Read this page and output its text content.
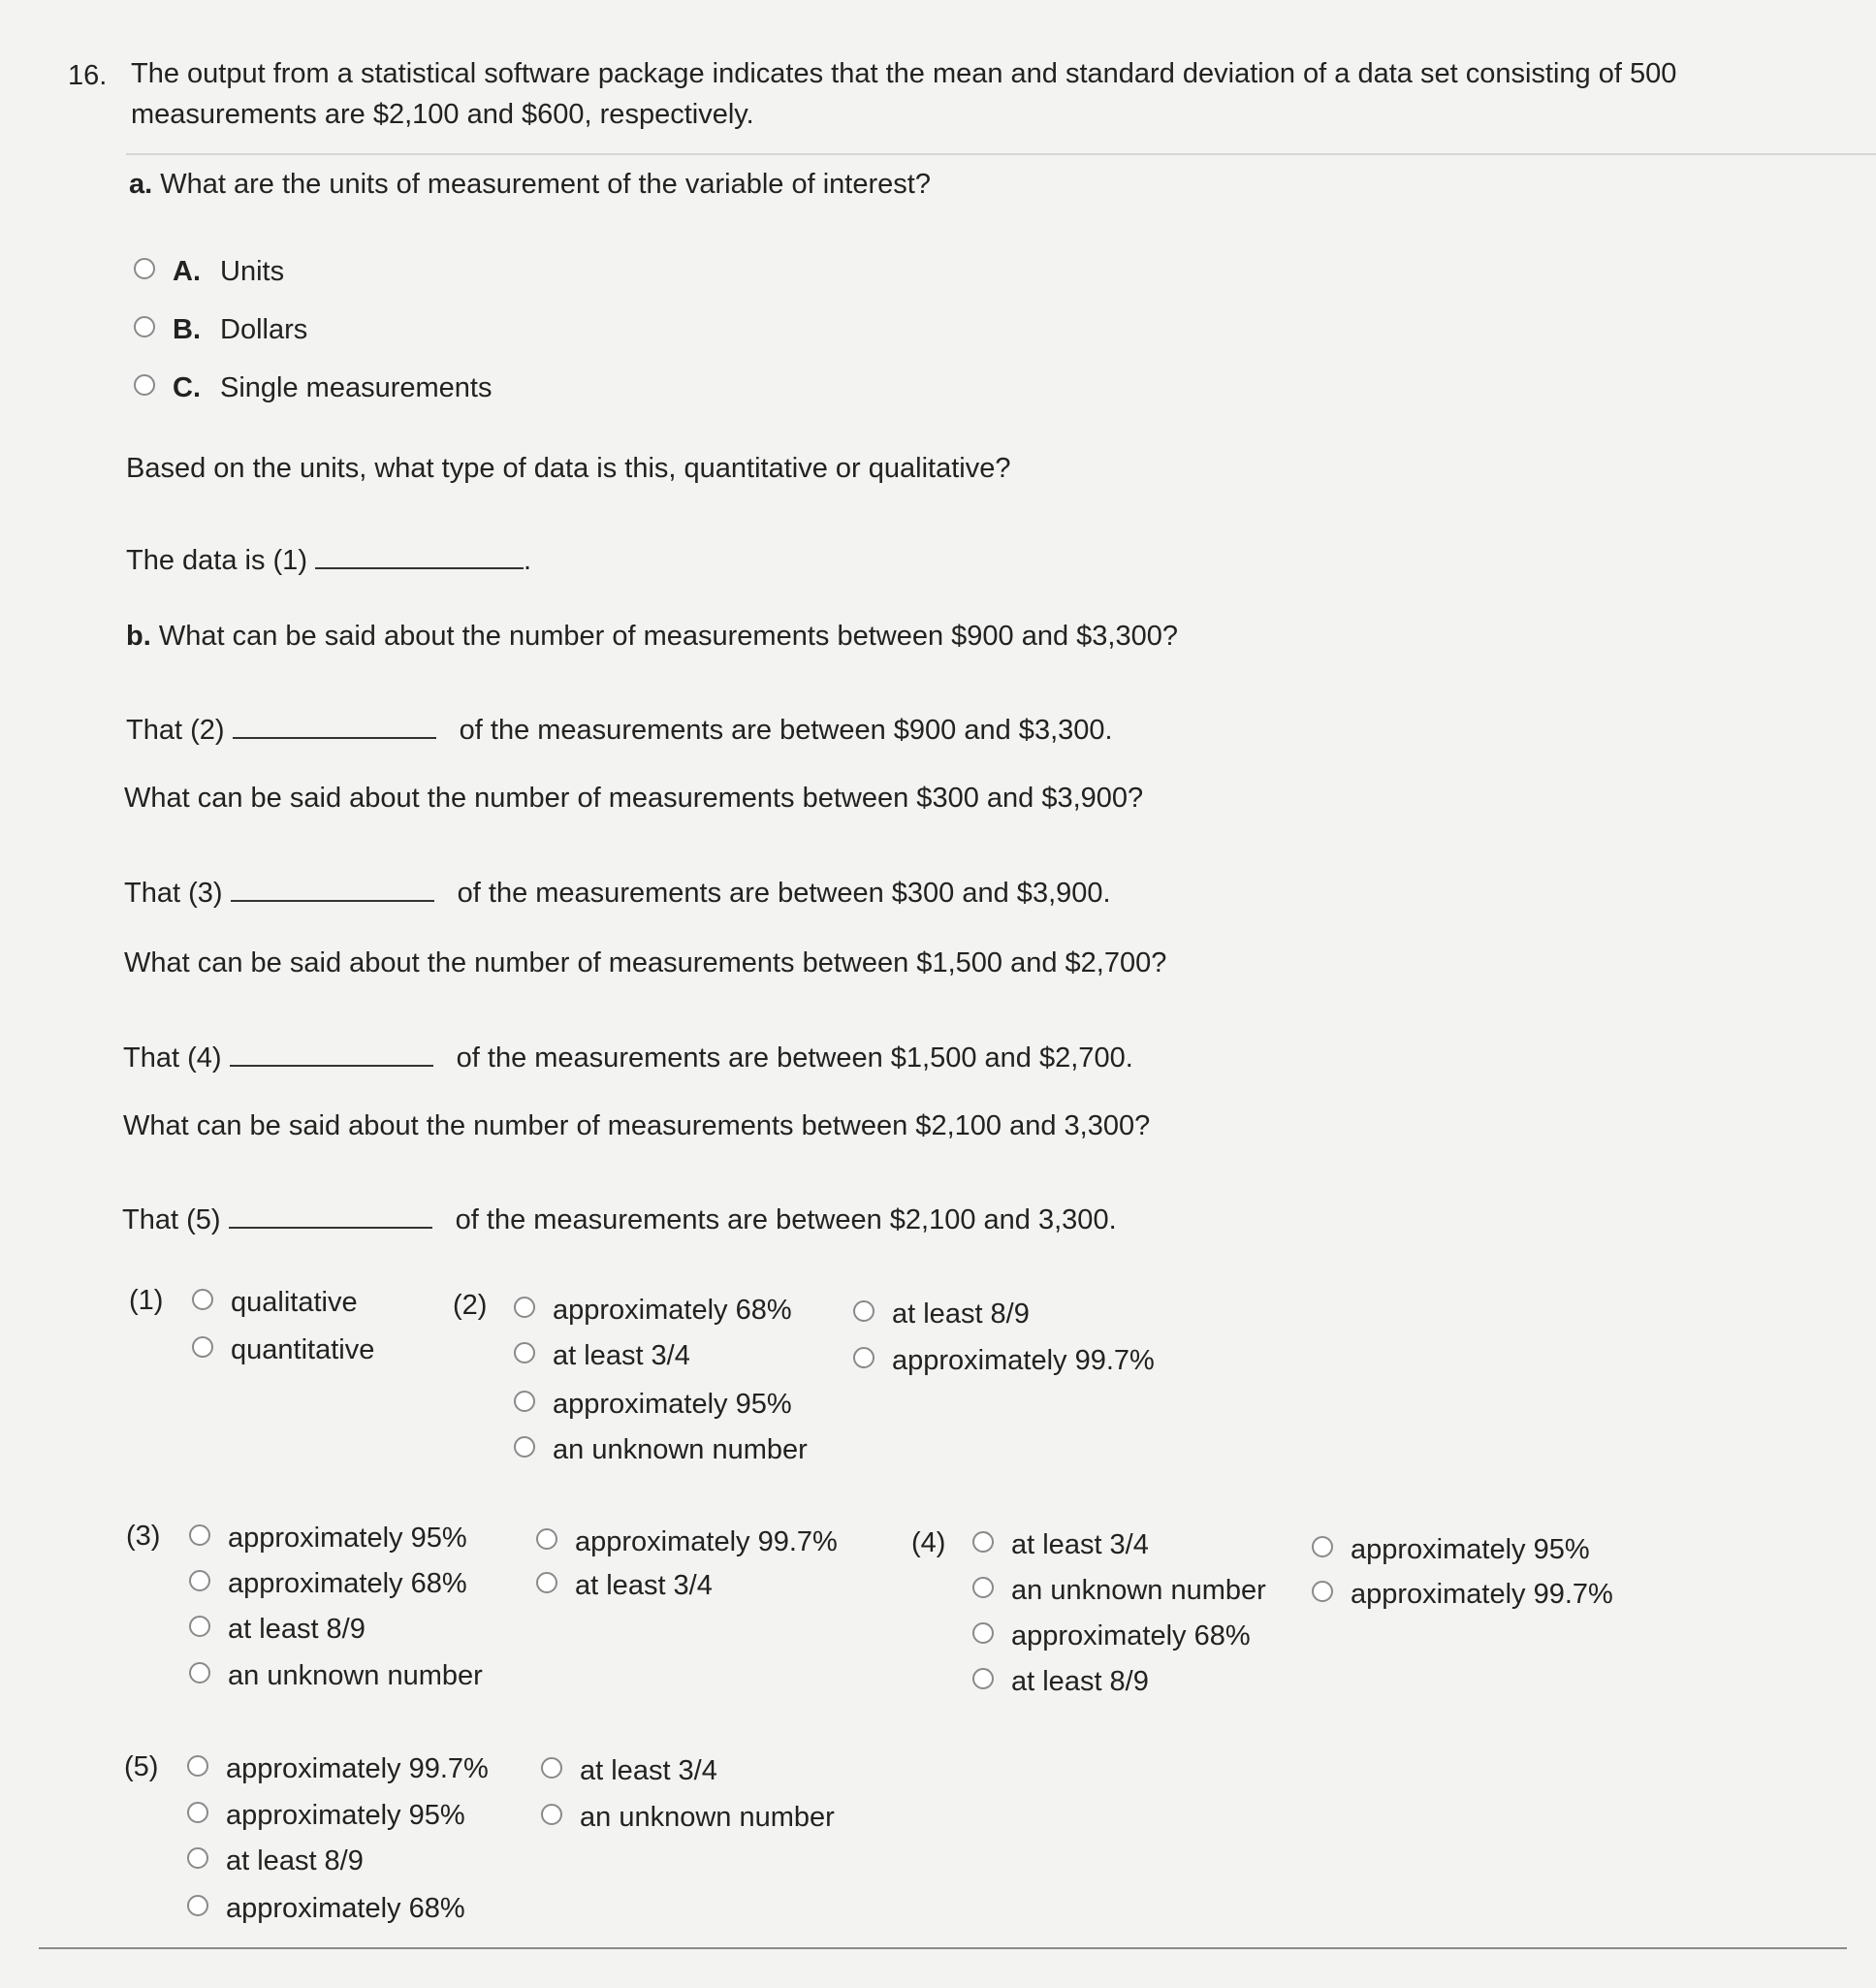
16. The output from a statistical software package indicates that the mean and standard deviation of a data set consisting of 500
measurements are $2,100 and $600, respectively.
a. What are the units of measurement of the variable of interest?
A. Units
B. Dollars
C. Single measurements
Based on the units, what type of data is this, quantitative or qualitative?
The data is (1)	.
b. What can be said about the number of measurements between $900 and $3,300?
That (2)	of the measurements are between $900 and $3,300.
What can be said about the number of measurements between $300 and $3,900?
That (3)	of the measurements are between $300 and $3,900.
What can be said about the number of measurements between $1,500 and $2,700?
That (4)	of the measurements are between $1,500 and $2,700.
What can be said about the number of measurements between $2,100 and 3,300?
That (5)	of the measurements are between $2,100 and 3,300.
(1) qualitative
quantitative
(2) approximately 68%
at least 3/4
approximately 95%
an unknown number
at least 8/9
approximately 99.7%
(3) approximately 95%
approximately 68%
at least 8/9
an unknown number
approximately 99.7%
at least 3/4
(4) at least 3/4
an unknown number
approximately 68%
at least 8/9
approximately 95%
approximately 99.7%
(5) approximately 99.7%
approximately 95%
at least 8/9
approximately 68%
at least 3/4
an unknown number
